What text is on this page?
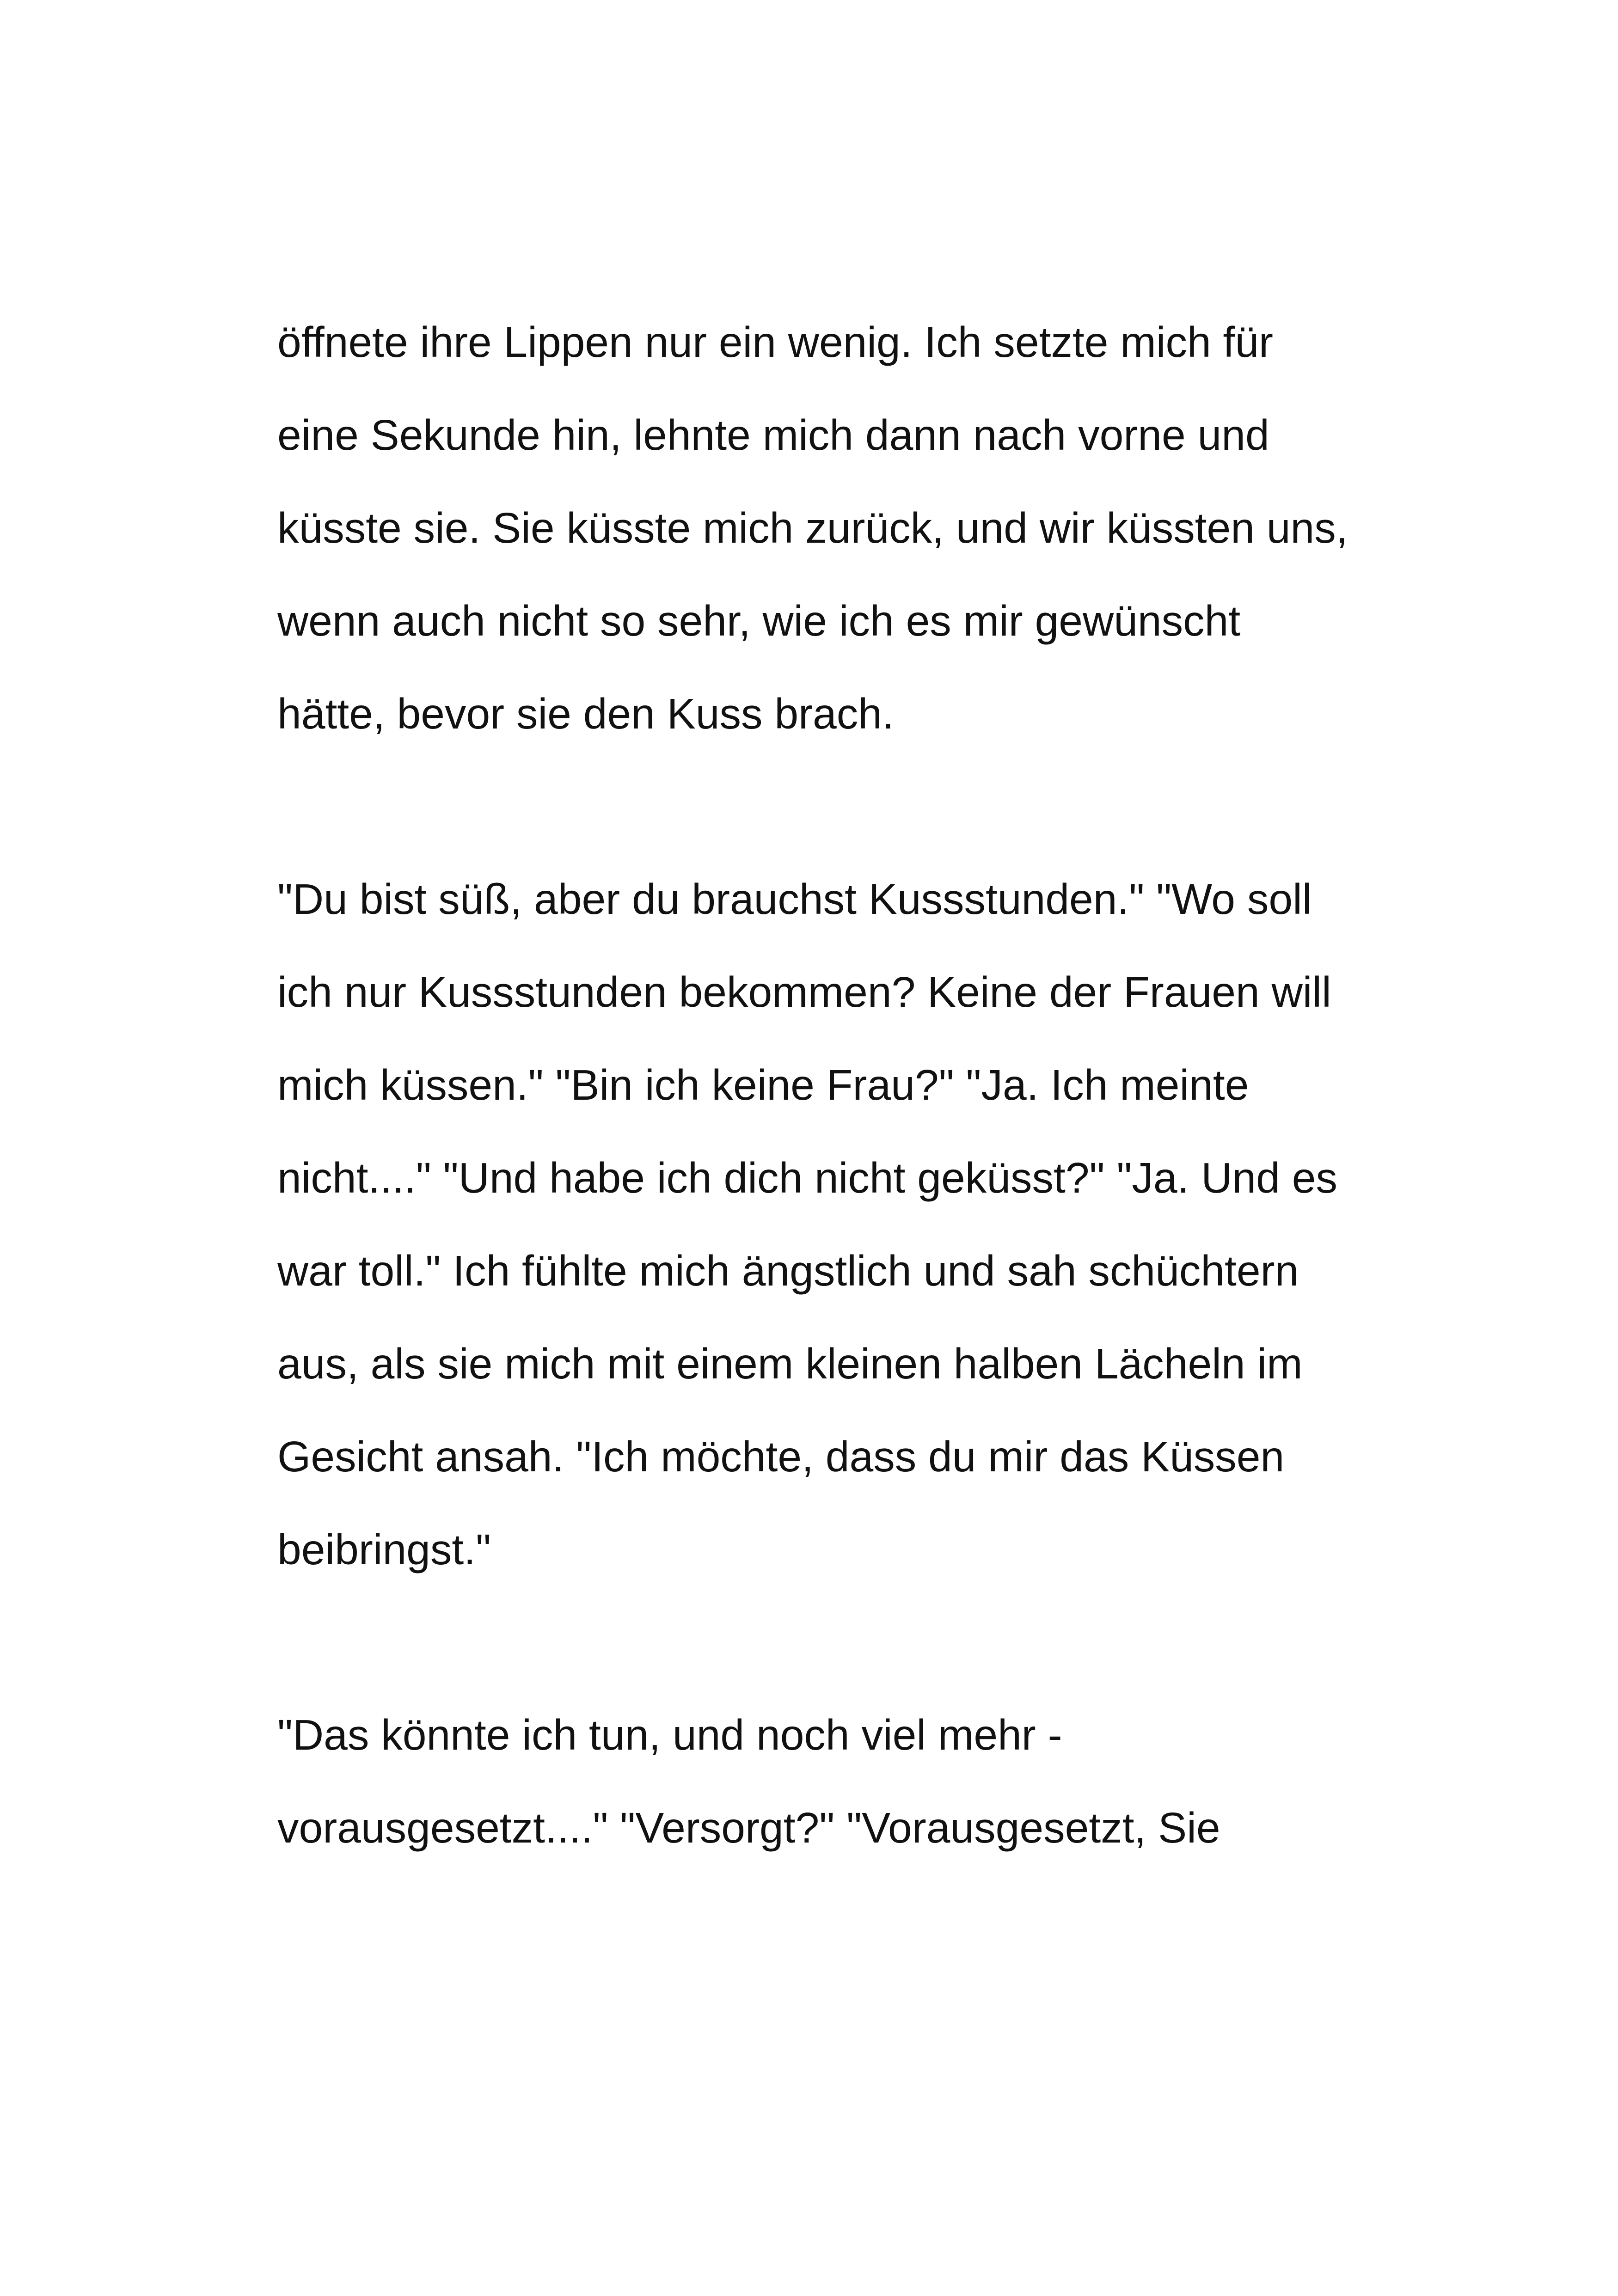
öffnete ihre Lippen nur ein wenig. Ich setzte mich für
eine Sekunde hin, lehnte mich dann nach vorne und
küsste sie. Sie küsste mich zurück, und wir küssten uns,
wenn auch nicht so sehr, wie ich es mir gewünscht
hätte, bevor sie den Kuss brach.
"Du bist süß, aber du brauchst Kussstunden." "Wo soll
ich nur Kussstunden bekommen? Keine der Frauen will
mich küssen." "Bin ich keine Frau?" "Ja. Ich meinte
nicht...." "Und habe ich dich nicht geküsst?" "Ja. Und es
war toll." Ich fühlte mich ängstlich und sah schüchtern
aus, als sie mich mit einem kleinen halben Lächeln im
Gesicht ansah. "Ich möchte, dass du mir das Küssen
beibringst."
"Das könnte ich tun, und noch viel mehr -
vorausgesetzt...." "Versorgt?" "Vorausgesetzt, Sie
